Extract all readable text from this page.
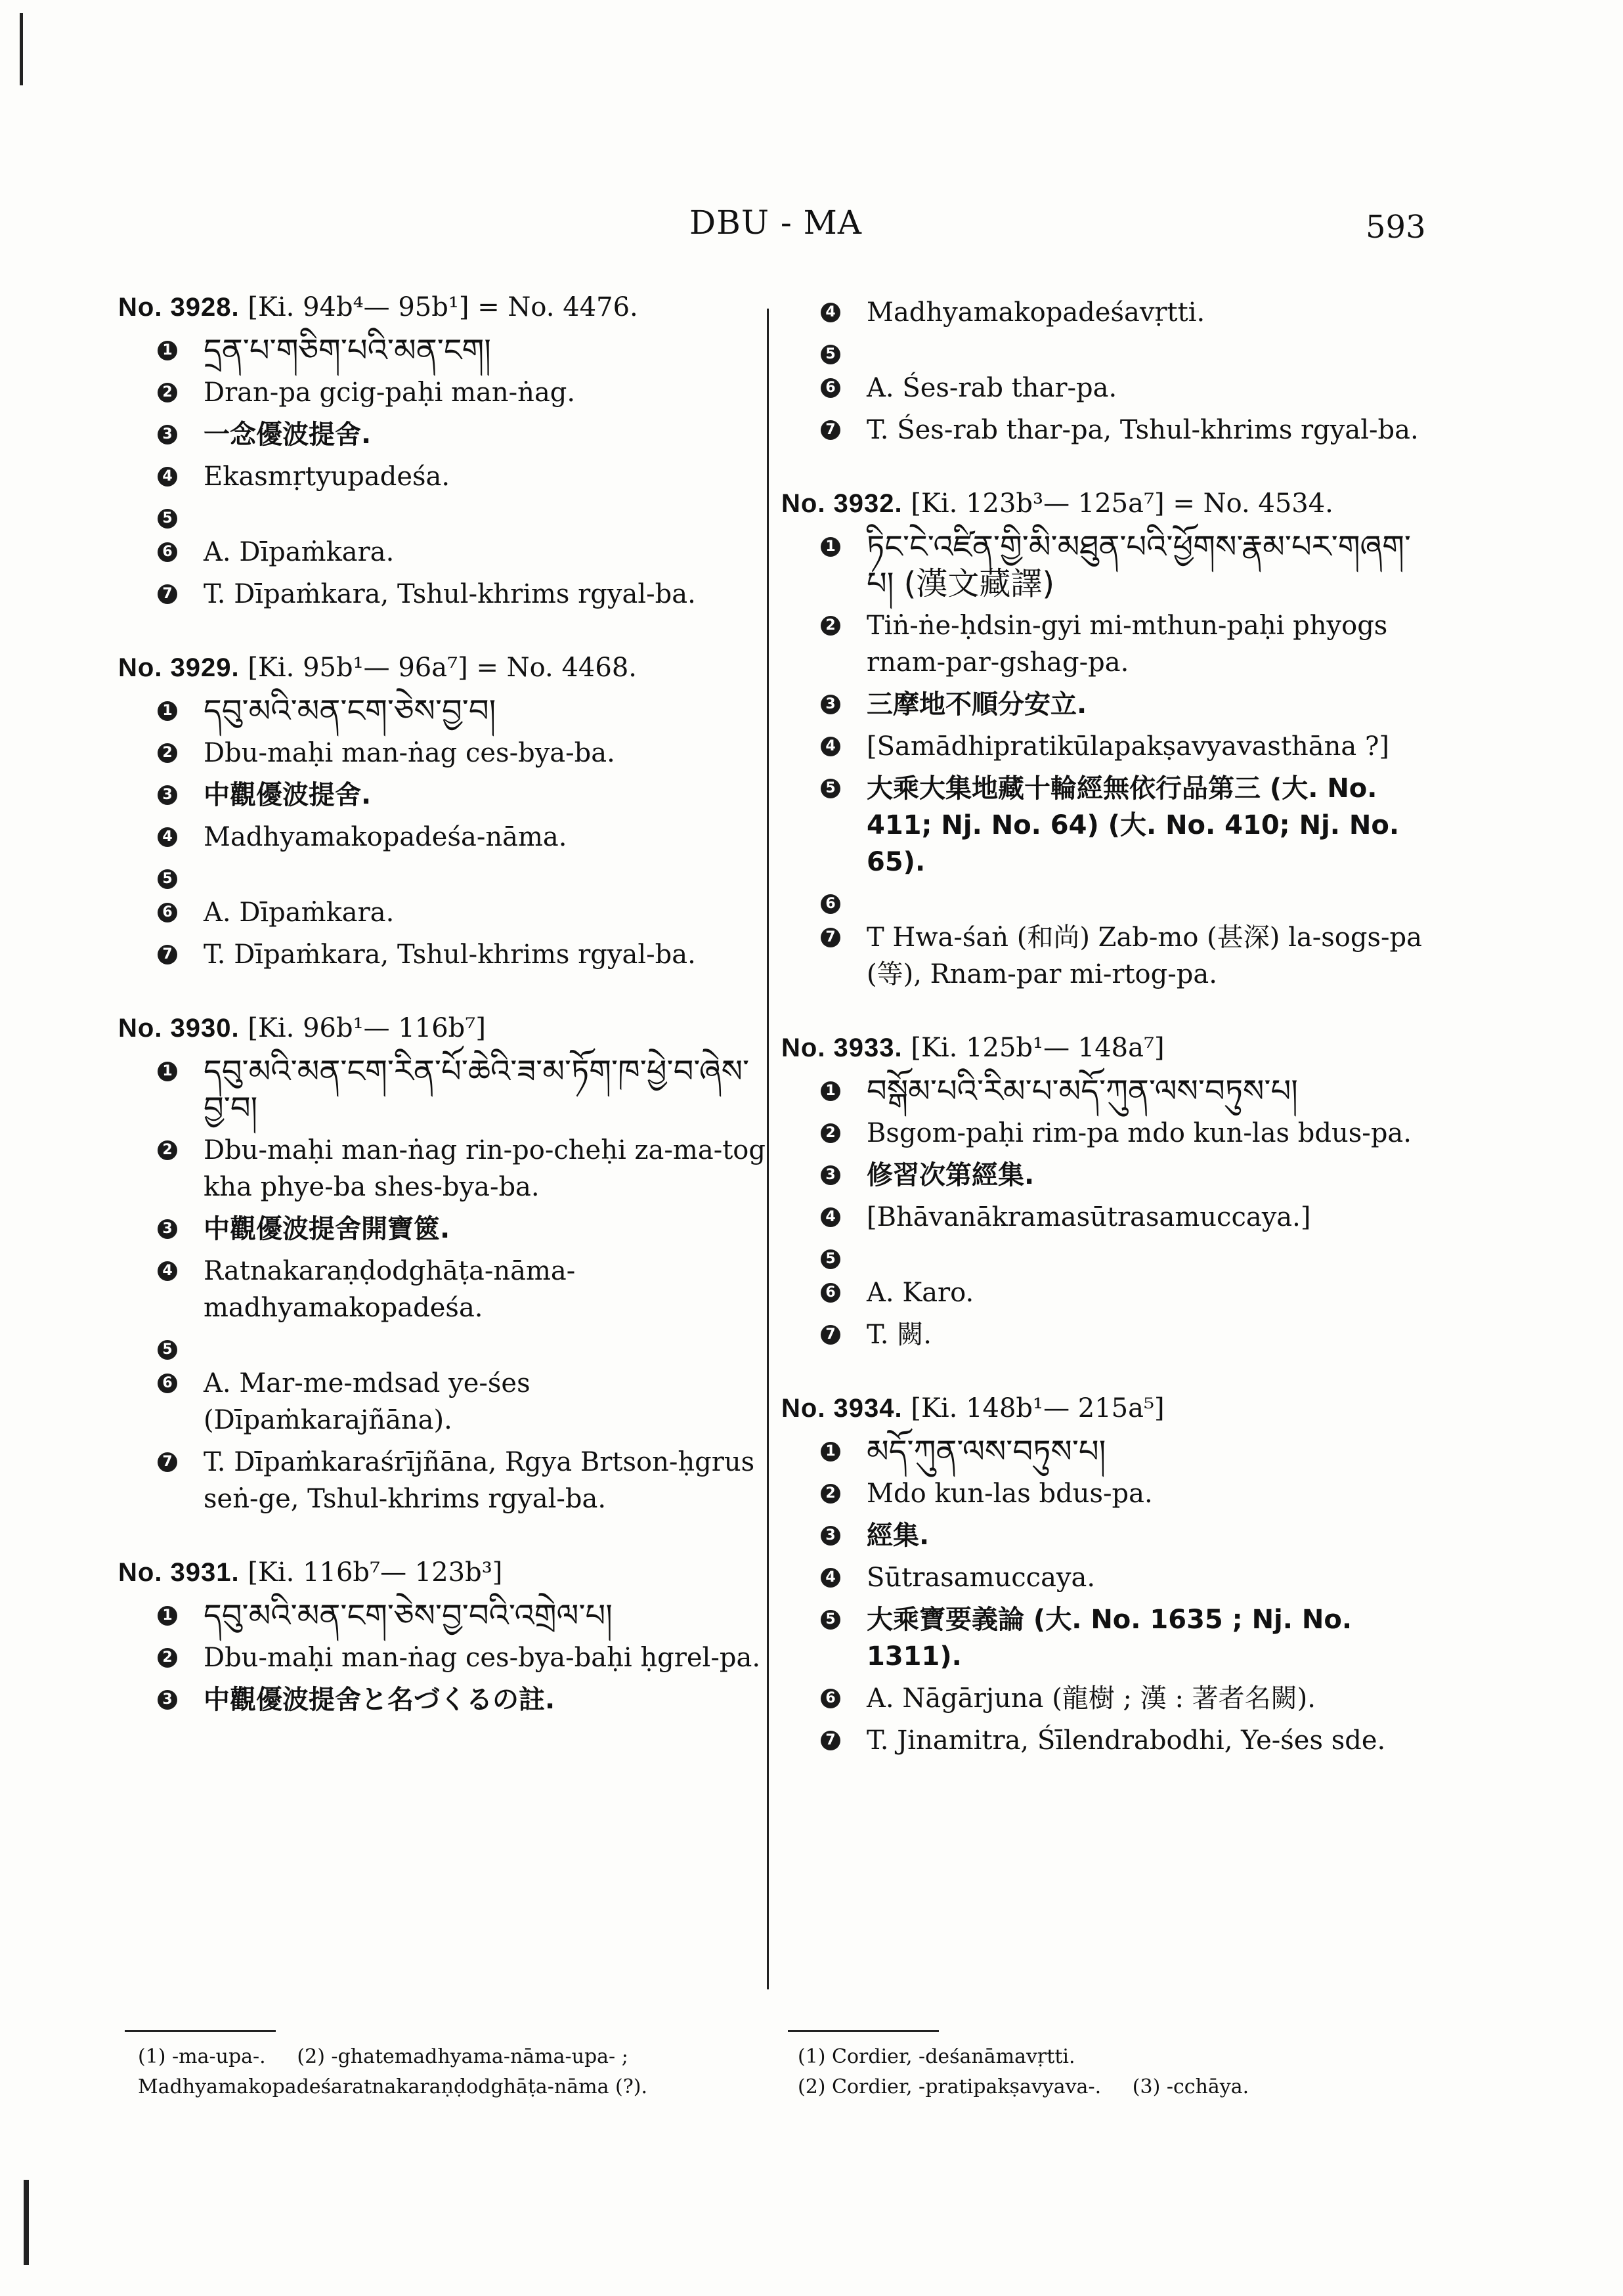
DBU - MA	593
No. 3928. [Ki. 94b⁴— 95b¹] = No. 4476.
1 དྲན་པ་གཅིག་པའི་མན་ངག།
2 Dran-pa gcig-paḥi man-ṅag.
3 一念優波提舍.
4 Ekasmṛtyupadeśa.
5
6 A. Dīpaṁkara.
7 T. Dīpaṁkara, Tshul-khrims rgyal-ba.
No. 3929. [Ki. 95b¹— 96a⁷] = No. 4468.
1 དབུ་མའི་མན་ངག་ཅེས་བྱ་བ།
2 Dbu-maḥi man-ṅag ces-bya-ba.
3 中觀優波提舍.
4 Madhyamakopadeśa-nāma.
5
6 A. Dīpaṁkara.
7 T. Dīpaṁkara, Tshul-khrims rgyal-ba.
No. 3930. [Ki. 96b¹— 116b⁷]
1 དབུ་མའི་མན་ངག་རིན་པོ་ཆེའི་ཟ་མ་ཏོག་ཁ་ཕྱེ་བ་ཞེས་བྱ་བ།
2 Dbu-maḥi man-ṅag rin-po-cheḥi za-ma-tog kha phye-ba shes-bya-ba.
3 中觀優波提舍開寶篋.
4 Ratnakaraṇḍodghāṭa-nāma-madhyamakopadeśa.
5
6 A. Mar-me-mdsad ye-śes (Dīpaṁkarajñāna).
7 T. Dīpaṁkaraśrījñāna, Rgya Brtson-ḥgrus seṅ-ge, Tshul-khrims rgyal-ba.
No. 3931. [Ki. 116b⁷— 123b³]
1 དབུ་མའི་མན་ངག་ཅེས་བྱ་བའི་འགྲེལ་པ།
2 Dbu-maḥi man-ṅag ces-bya-baḥi ḥgrel-pa.
3 中觀優波提舍と名づくるの註.
4 Madhyamakopadeśavṛtti.
5
6 A. Śes-rab thar-pa.
7 T. Śes-rab thar-pa, Tshul-khrims rgyal-ba.
No. 3932. [Ki. 123b³— 125a⁷] = No. 4534.
1 ཏིང་ངེ་འཛིན་གྱི་མི་མཐུན་པའི་ཕྱོགས་རྣམ་པར་གཞག་པ། (漢文藏譯)
2 Tiṅ-ṅe-ḥdsin-gyi mi-mthun-paḥi phyogs rnam-par-gshag-pa.
3 三摩地不順分安立.
4 [Samādhipratikūlapakṣavyavasthāna ?]
5 大乘大集地藏十輪經無依行品第三 (大. No. 411; Nj. No. 64) (大. No. 410; Nj. No. 65).
6
7 T Hwa-śaṅ (和尚) Zab-mo (甚深) la-sogs-pa (等), Rnam-par mi-rtog-pa.
No. 3933. [Ki. 125b¹— 148a⁷]
1 བསྒོམ་པའི་རིམ་པ་མདོ་ཀུན་ལས་བཏུས་པ།
2 Bsgom-paḥi rim-pa mdo kun-las bdus-pa.
3 修習次第經集.
4 [Bhāvanākramasūtrasamuccaya.]
5
6 A. Karo.
7 T. 闕.
No. 3934. [Ki. 148b¹— 215a⁵]
1 མདོ་ཀུན་ལས་བཏུས་པ།
2 Mdo kun-las bdus-pa.
3 經集.
4 Sūtrasamuccaya.
5 大乘寶要義論 (大. No. 1635 ; Nj. No. 1311).
6 A. Nāgārjuna (龍樹 ; 漢 : 著者名闕).
7 T. Jinamitra, Śīlendrabodhi, Ye-śes sde.
(1) -ma-upa-.     (2) -ghatemadhyama-nāma-upa- ;
Madhyamakopadeśaratnakaraṇḍodghāṭa-nāma (?).
(1) Cordier, -deśanāmavṛtti.
(2) Cordier, -pratipakṣavyava-.     (3) -cchāya.
